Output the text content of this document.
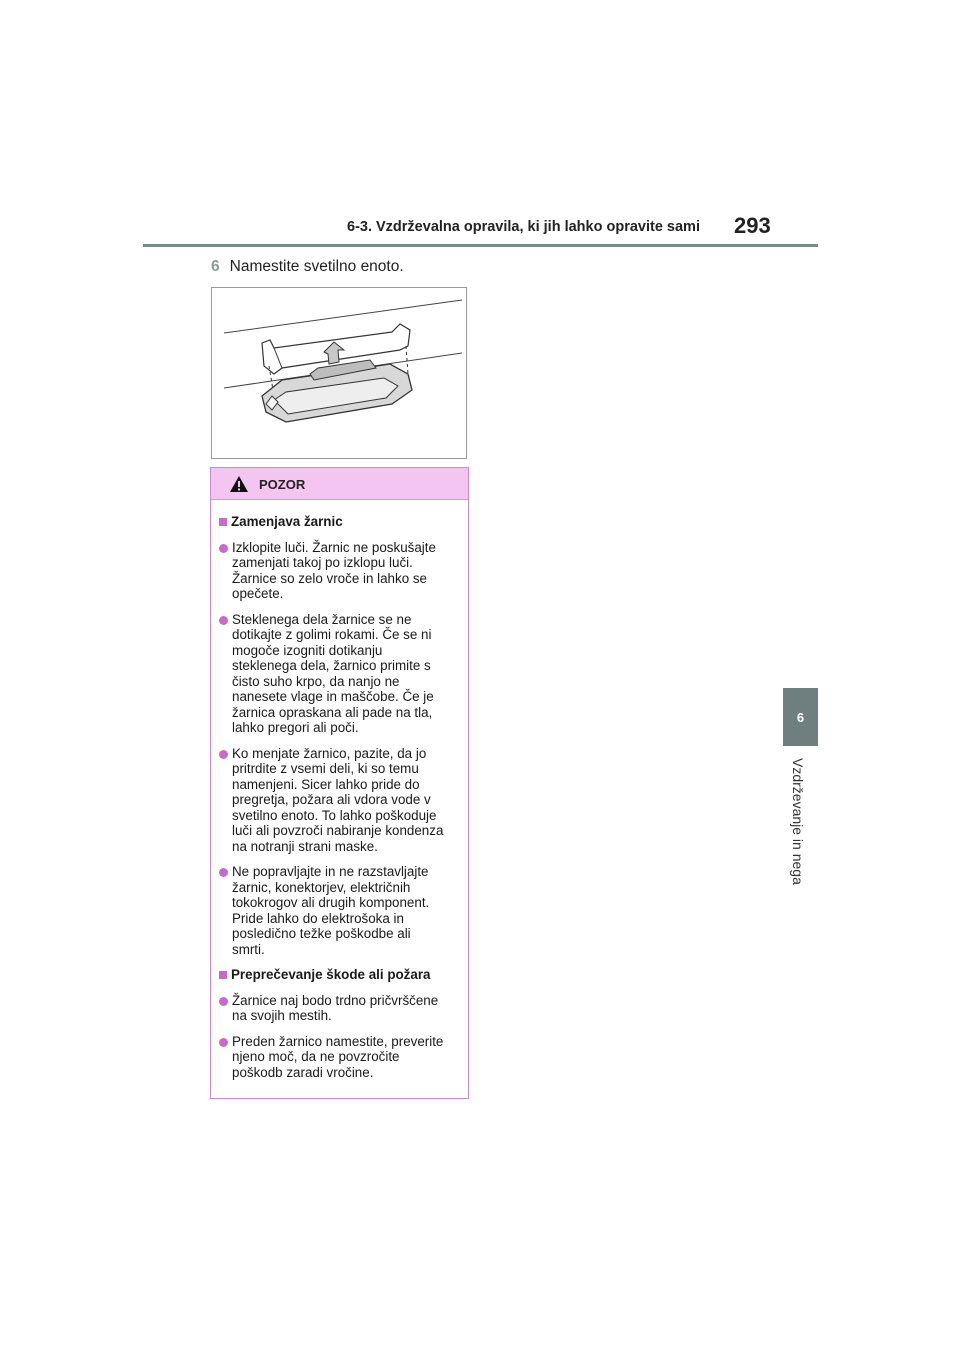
6-3. Vzdrževalna opravila, ki jih lahko opravite sami 293
6 Namestite svetilno enoto.
POZOR
Zamenjava žarnic
Izklopite luči. Žarnic ne poskušajte
zamenjati takoj po izklopu luči.
Žarnice so zelo vroče in lahko se
opečete.
Steklenega dela žarnice se ne
dotikajte z golimi rokami. Če se ni
mogoče izogniti dotikanju
steklenega dela, žarnico primite s
čisto suho krpo, da nanjo ne
nanesete vlage in maščobe. Če je
žarnica opraskana ali pade na tla,
lahko pregori ali poči.
Ko menjate žarnico, pazite, da jo
pritrdite z vsemi deli, ki so temu
namenjeni. Sicer lahko pride do
pregretja, požara ali vdora vode v
svetilno enoto. To lahko poškoduje
luči ali povzroči nabiranje kondenza
na notranji strani maske.
Ne popravljajte in ne razstavljajte
žarnic, konektorjev, električnih
tokokrogov ali drugih komponent.
Pride lahko do elektrošoka in
posledično težke poškodbe ali
smrti.
Preprečevanje škode ali požara
Žarnice naj bodo trdno pričvrščene
na svojih mestih.
Preden žarnico namestite, preverite
njeno moč, da ne povzročite
poškodb zaradi vročine.
6
Vzdrževanje in nega
